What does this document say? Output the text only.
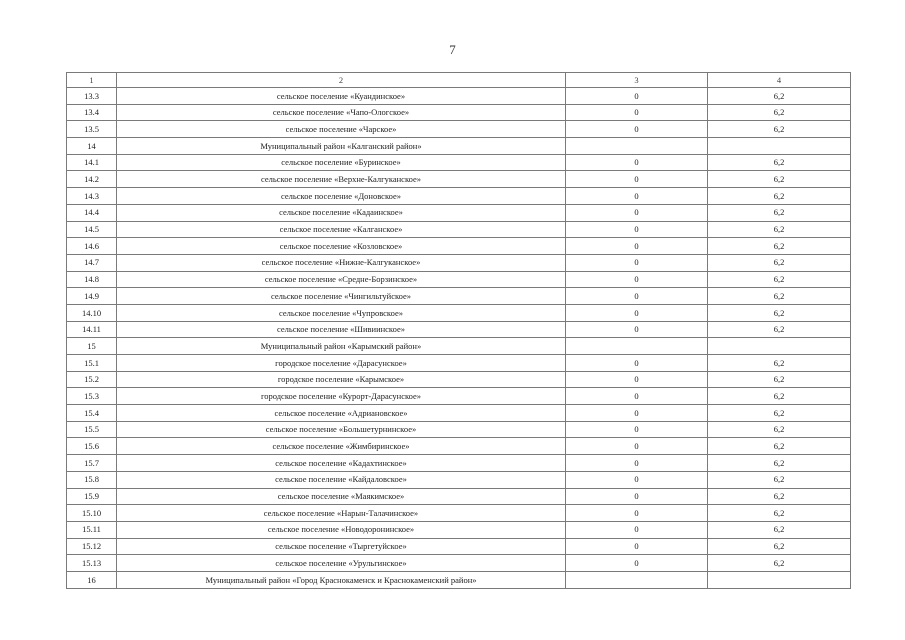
7
1	2	3	4
13.3	сельское поселение «Куандинское»	0	6,2
13.4	сельское поселение «Чапо-Ологское»	0	6,2
13.5	сельское поселение «Чарское»	0	6,2
14	Муниципальный район «Калганский район»		
14.1	сельское поселение «Буринское»	0	6,2
14.2	сельское поселение «Верхне-Калгуканское»	0	6,2
14.3	сельское поселение «Доновское»	0	6,2
14.4	сельское поселение «Кадаинское»	0	6,2
14.5	сельское поселение «Калганское»	0	6,2
14.6	сельское поселение «Козловское»	0	6,2
14.7	сельское поселение «Нижне-Калгуканское»	0	6,2
14.8	сельское поселение «Средне-Борзинское»	0	6,2
14.9	сельское поселение «Чингильтуйское»	0	6,2
14.10	сельское поселение «Чупровское»	0	6,2
14.11	сельское поселение «Шивиинское»	0	6,2
15	Муниципальный район «Карымский район»		
15.1	городское поселение «Дарасунское»	0	6,2
15.2	городское поселение «Карымское»	0	6,2
15.3	городское поселение «Курорт-Дарасунское»	0	6,2
15.4	сельское поселение «Адриановское»	0	6,2
15.5	сельское поселение «Большетурнинское»	0	6,2
15.6	сельское поселение «Жимбиринское»	0	6,2
15.7	сельское поселение «Кадахтинское»	0	6,2
15.8	сельское поселение «Кайдаловское»	0	6,2
15.9	сельское поселение «Маякимское»	0	6,2
15.10	сельское поселение «Нарын-Талачинское»	0	6,2
15.11	сельское поселение «Новодоронинское»	0	6,2
15.12	сельское поселение «Тыргетуйское»	0	6,2
15.13	сельское поселение «Урульгинское»	0	6,2
16	Муниципальный район «Город Краснокаменск и Краснокаменский район»		
